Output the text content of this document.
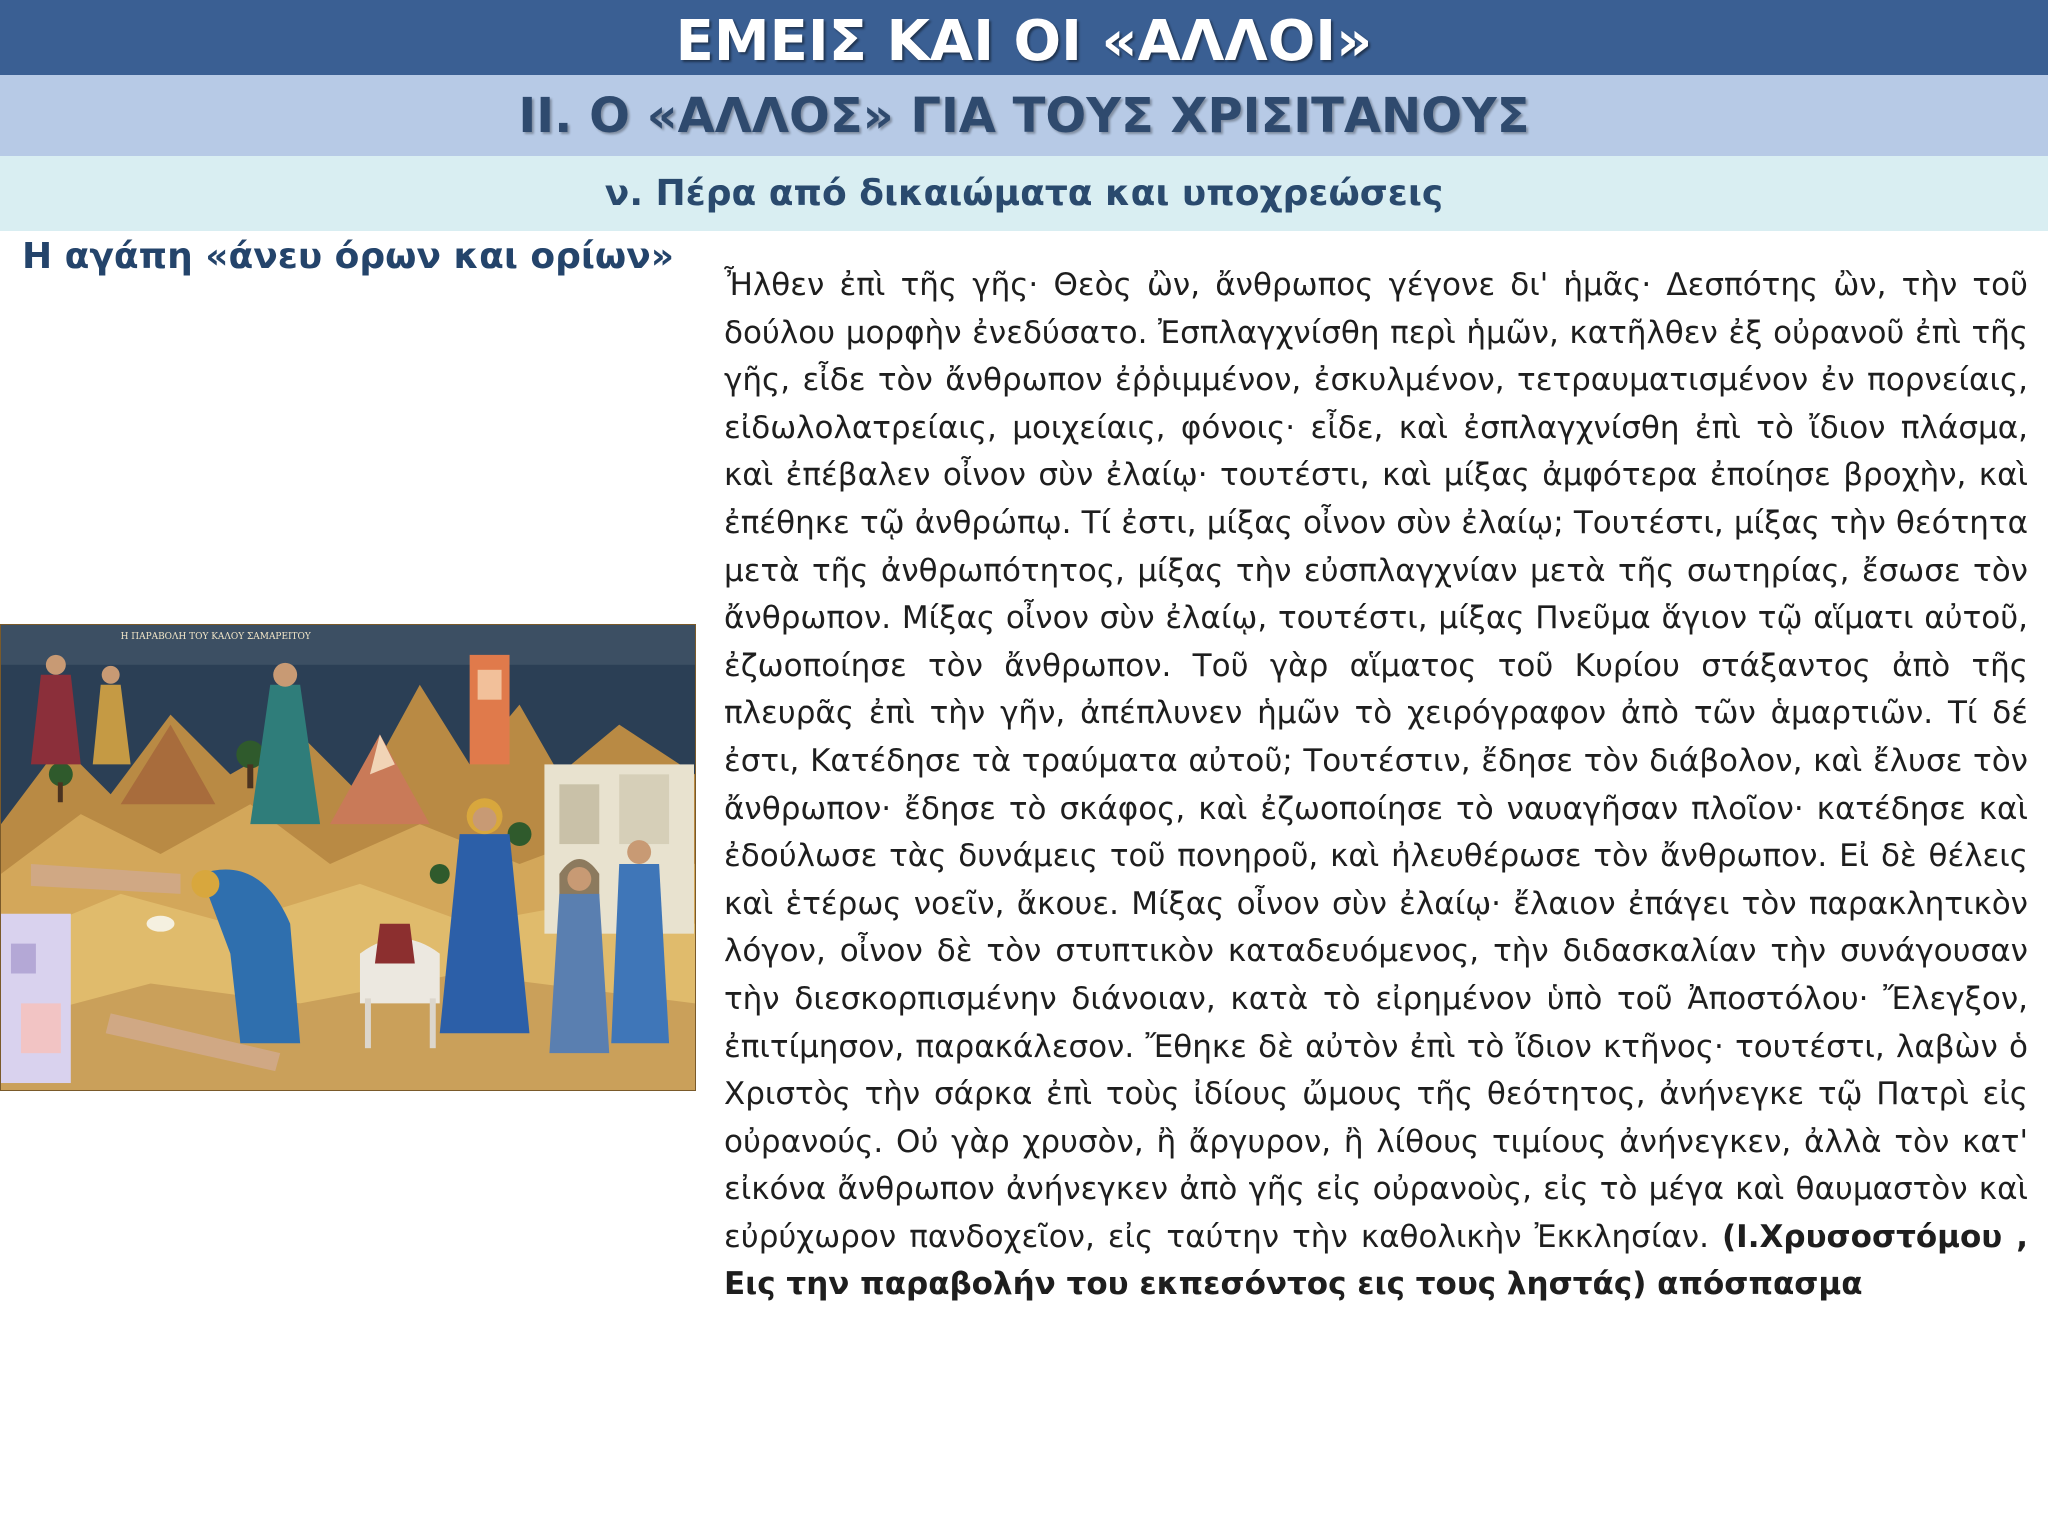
ΕΜΕΙΣ ΚΑΙ ΟΙ «ΑΛΛΟΙ»
ΙΙ. Ο «ΑΛΛΟΣ» ΓΙΑ ΤΟΥΣ ΧΡΙΣΙΤΑΝΟΥΣ
ν. Πέρα από δικαιώματα και υποχρεώσεις

Η αγάπη «άνευ όρων και ορίων»

Η ΠΑΡΑΒΟΛΗ ΤΟΥ ΚΑΛΟΥ ΣΑΜΑΡΕΙΤΟΥ
Ἦλθεν ἐπὶ τῆς γῆς· Θεὸς ὢν, ἄνθρωπος γέγονε δι' ἡμᾶς· Δεσπότης ὢν, τὴν τοῦ δούλου μορφὴν ἐνεδύσατο. Ἐσπλαγχνίσθη περὶ ἡμῶν, κατῆλθεν ἐξ οὐρανοῦ ἐπὶ τῆς γῆς, εἶδε τὸν ἄνθρωπον ἐῤῥιμμένον, ἐσκυλμένον, τετραυματισμένον ἐν πορνείαις, εἰδωλολατρείαις, μοιχείαις, φόνοις· εἶδε, καὶ ἐσπλαγχνίσθη ἐπὶ τὸ ἴδιον πλάσμα, καὶ ἐπέβαλεν οἶνον σὺν ἐλαίῳ· τουτέστι, καὶ μίξας ἀμφότερα ἐποίησε βροχὴν, καὶ ἐπέθηκε τῷ ἀνθρώπῳ. Τί ἐστι, μίξας οἶνον σὺν ἐλαίῳ; Τουτέστι, μίξας τὴν θεότητα μετὰ τῆς ἀνθρωπότητος, μίξας τὴν εὐσπλαγχνίαν μετὰ τῆς σωτηρίας, ἔσωσε τὸν ἄνθρωπον. Μίξας οἶνον σὺν ἐλαίῳ, τουτέστι, μίξας Πνεῦμα ἅγιον τῷ αἵματι αὐτοῦ, ἐζωοποίησε τὸν ἄνθρωπον. Τοῦ γὰρ αἵματος τοῦ Κυρίου στάξαντος ἀπὸ τῆς πλευρᾶς ἐπὶ τὴν γῆν, ἀπέπλυνεν ἡμῶν τὸ χειρόγραφον ἀπὸ τῶν ἁμαρτιῶν. Τί δέ ἐστι, Κατέδησε τὰ τραύματα αὐτοῦ; Τουτέστιν, ἔδησε τὸν διάβολον, καὶ ἔλυσε τὸν ἄνθρωπον· ἔδησε τὸ σκάφος, καὶ ἐζωοποίησε τὸ ναυαγῆσαν πλοῖον· κατέδησε καὶ ἐδούλωσε τὰς δυνάμεις τοῦ πονηροῦ, καὶ ἠλευθέρωσε τὸν ἄνθρωπον. Εἰ δὲ θέλεις καὶ ἑτέρως νοεῖν, ἄκουε. Μίξας οἶνον σὺν ἐλαίῳ· ἔλαιον ἐπάγει τὸν παρακλητικὸν λόγον, οἶνον δὲ τὸν στυπτικὸν καταδευόμενος, τὴν διδασκαλίαν τὴν συνάγουσαν τὴν διεσκορπισμένην διάνοιαν, κατὰ τὸ εἰρημένον ὑπὸ τοῦ Ἀποστόλου· Ἔλεγξον, ἐπιτίμησον, παρακάλεσον. Ἔθηκε δὲ αὐτὸν ἐπὶ τὸ ἴδιον κτῆνος· τουτέστι, λαβὼν ὁ Χριστὸς τὴν σάρκα ἐπὶ τοὺς ἰδίους ὤμους τῆς θεότητος, ἀνήνεγκε τῷ Πατρὶ εἰς οὐρανούς. Οὐ γὰρ χρυσὸν, ἢ ἄργυρον, ἢ λίθους τιμίους ἀνήνεγκεν, ἀλλὰ τὸν κατ' εἰκόνα ἄνθρωπον ἀνήνεγκεν ἀπὸ γῆς εἰς οὐρανοὺς, εἰς τὸ μέγα καὶ θαυμαστὸν καὶ εὐρύχωρον πανδοχεῖον, εἰς ταύτην τὴν καθολικὴν Ἐκκλησίαν. (Ι.Χρυσοστόμου , Εις την παραβολήν του εκπεσόντος εις τους ληστάς) απόσπασμα
